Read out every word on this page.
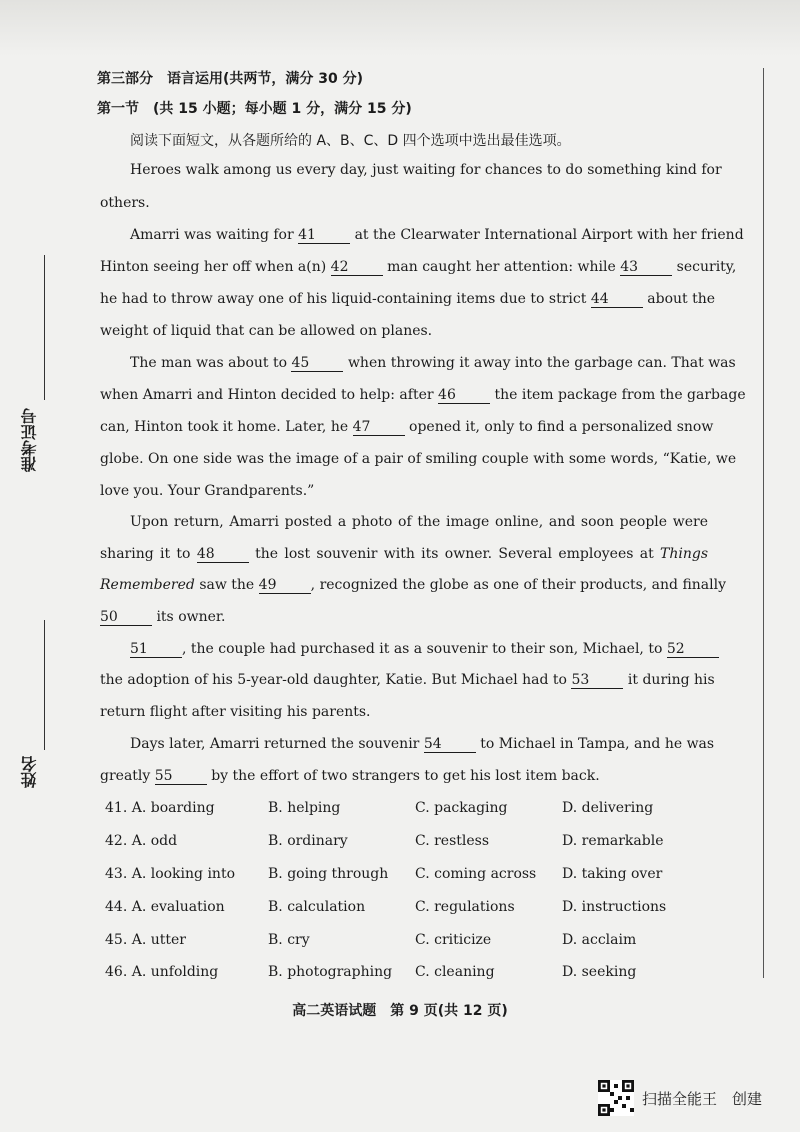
准考证号
姓名
第三部分　语言运用(共两节，满分 30 分)
第一节　(共 15 小题；每小题 1 分，满分 15 分)
阅读下面短文，从各题所给的 A、B、C、D 四个选项中选出最佳选项。
Heroes walk among us every day, just waiting for chances to do something kind for
others.
Amarri was waiting for 41	at the Clearwater International Airport with her friend
Hinton seeing her off when a(n) 42	man caught her attention: while 43	security,
he had to throw away one of his liquid-containing items due to strict 44	about the
weight of liquid that can be allowed on planes.
The man was about to 45	when throwing it away into the garbage can. That was
when Amarri and Hinton decided to help: after 46	the item package from the garbage
can, Hinton took it home. Later, he 47	opened it, only to find a personalized snow
globe. On one side was the image of a pair of smiling couple with some words, “Katie, we
love you. Your Grandparents.”
Upon return, Amarri posted a photo of the image online, and soon people were
sharing it to 48	the lost souvenir with its owner. Several employees at Things
Remembered saw the 49 , recognized the globe as one of their products, and finally
50	its owner.
51 , the couple had purchased it as a souvenir to their son, Michael, to 52
the adoption of his 5-year-old daughter, Katie. But Michael had to 53	it during his
return flight after visiting his parents.
Days later, Amarri returned the souvenir 54	to Michael in Tampa, and he was
greatly 55	by the effort of two strangers to get his lost item back.
41. A. boarding	B. helping	C. packaging	D. delivering
42. A. odd	B. ordinary	C. restless	D. remarkable
43. A. looking into B. going through C. coming across D. taking over
44. A. evaluation	B. calculation	C. regulations	D. instructions
45. A. utter	B. cry	C. criticize	D. acclaim
46. A. unfolding	B. photographing C. cleaning	D. seeking
高二英语试题　第 9 页(共 12 页)
扫描全能王　创建
